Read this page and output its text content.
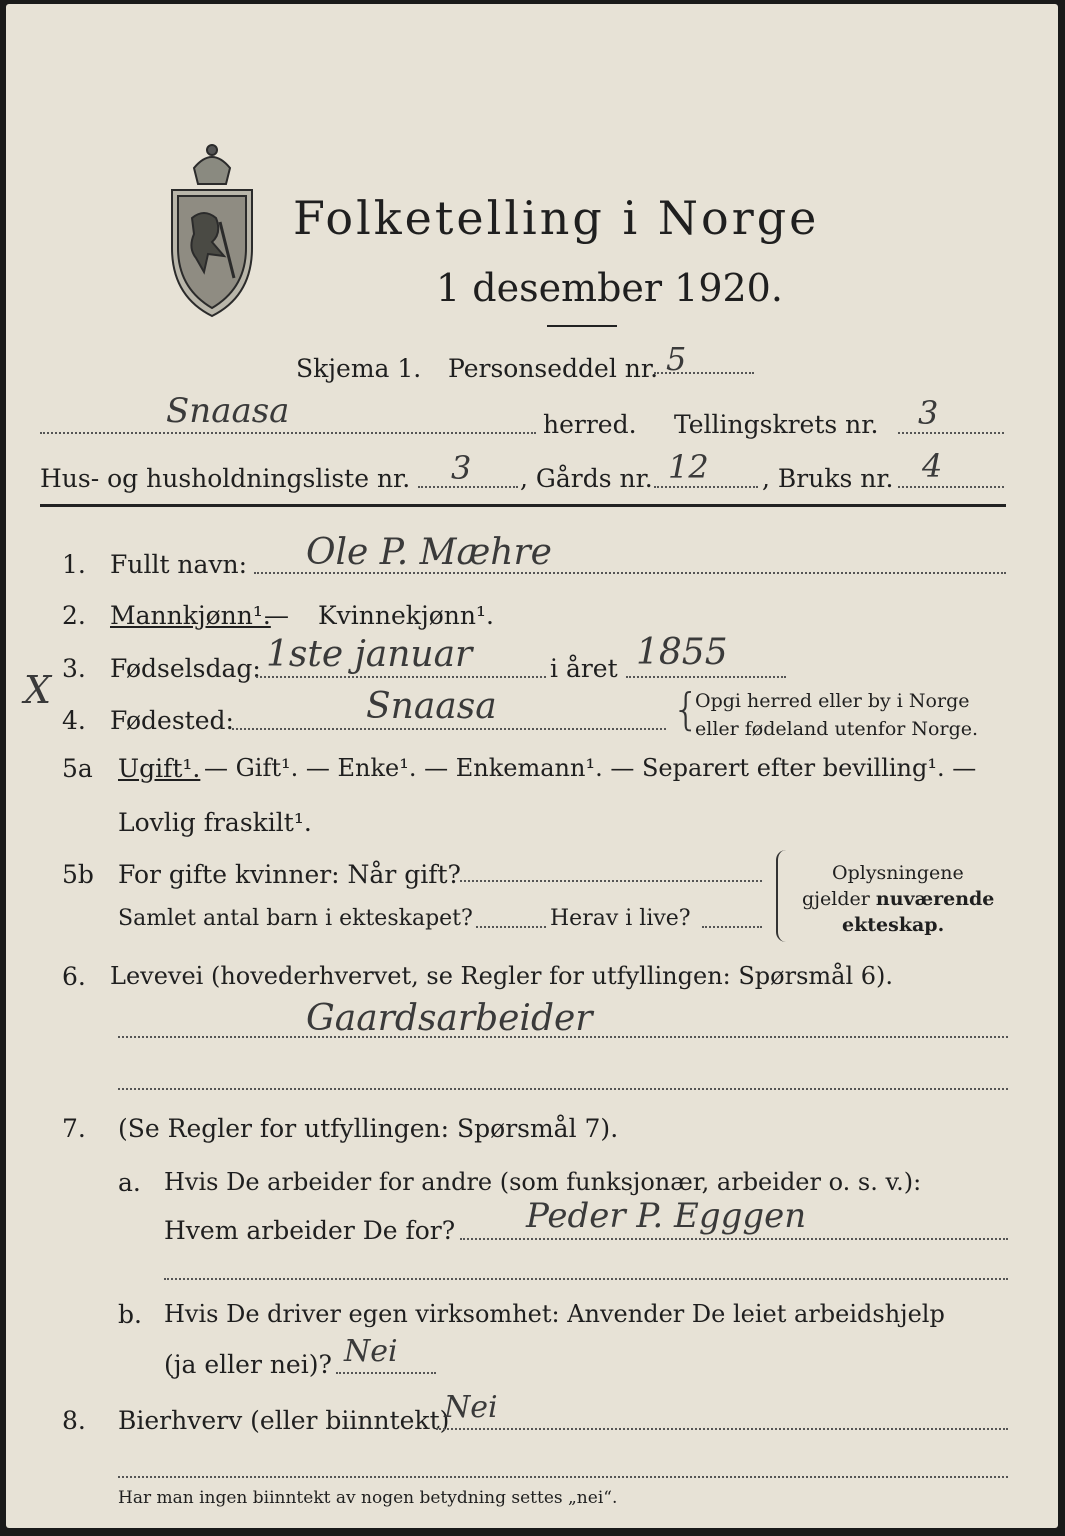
Folketelling i Norge
1 desember 1920.
Skjema 1. Personseddel nr. 5
Snaasa	herred. Tellingskrets nr. 3
Hus- og husholdningsliste nr. 3 , Gårds nr. 12 , Bruks nr. 4
1. Fullt navn: Ole P. Mæhre
2. Mannkjønn¹.
— Kvinnekjønn¹.
3. Fødselsdag: 1ste januar	i året 1855
X
4. Fødested:	Snaasa	{
Opgi herred eller by i Norge
eller fødeland utenfor Norge.
5a Ugift¹. — Gift¹. — Enke¹. — Enkemann¹. — Separert efter bevilling¹. —
Lovlig fraskilt¹.
5b For gifte kvinner: Når gift?
Samlet antal barn i ekteskapet?	Herav i live?
Oplysningene
gjelder nuværende
ekteskap.
6. Levevei (hovederhvervet, se Regler for utfyllingen: Spørsmål 6).
Gaardsarbeider
7. (Se Regler for utfyllingen: Spørsmål 7).
a. Hvis De arbeider for andre (som funksjonær, arbeider o. s. v.):
Hvem arbeider De for? Peder P. Egggen
b. Hvis De driver egen virksomhet: Anvender De leiet arbeidshjelp
(ja eller nei)? Nei
8. Bierhverv (eller biinntekt)
Nei
Har man ingen biinntekt av nogen betydning settes „nei“.
